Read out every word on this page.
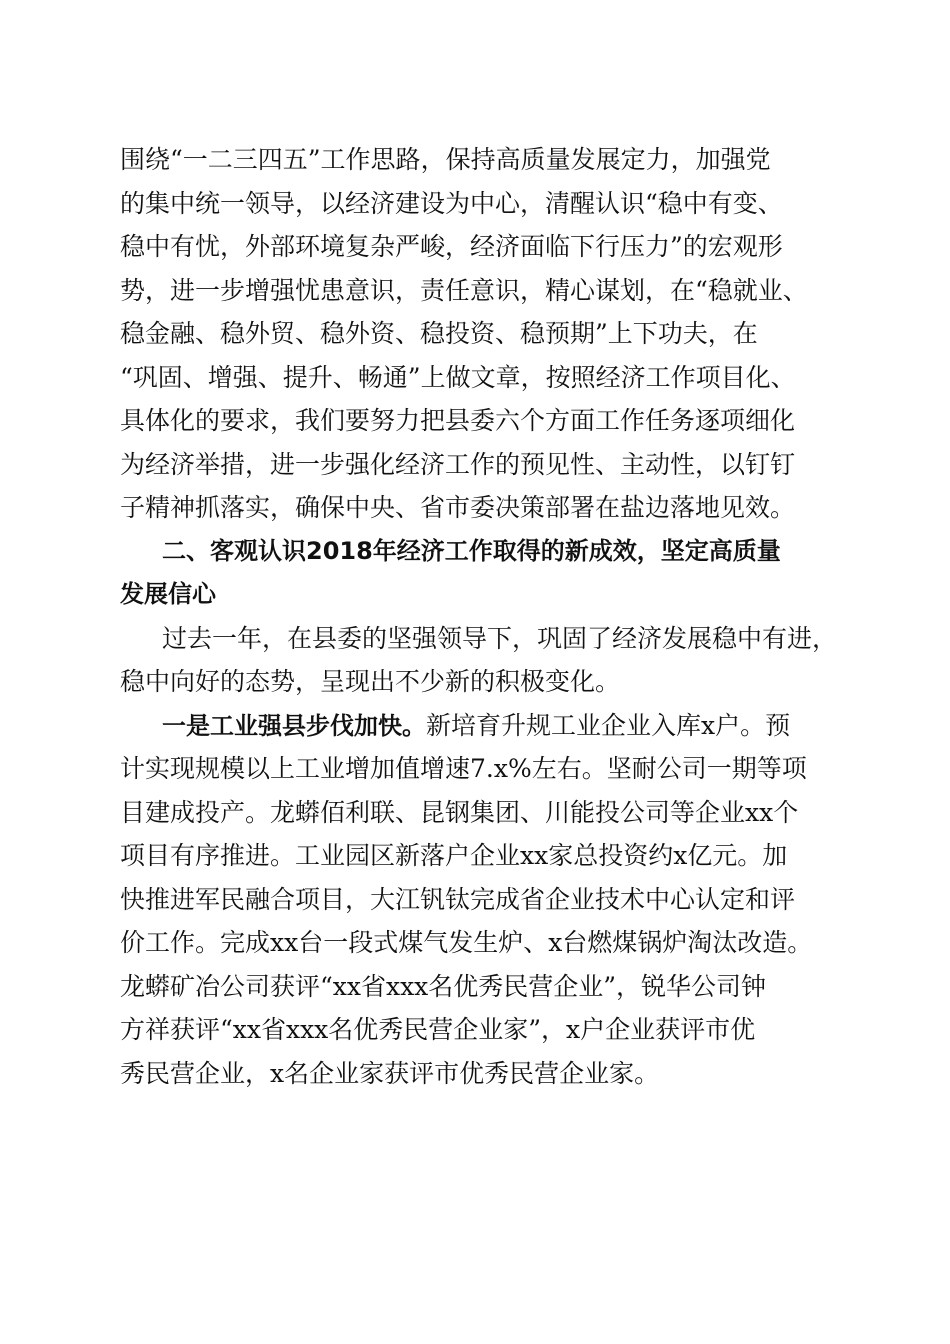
围绕“一二三四五”工作思路，保持高质量发展定力，加强党
的集中统一领导，以经济建设为中心，清醒认识“稳中有变、
稳中有忧，外部环境复杂严峻，经济面临下行压力”的宏观形
势，进一步增强忧患意识，责任意识，精心谋划，在“稳就业、
稳金融、稳外贸、稳外资、稳投资、稳预期”上下功夫，在
“巩固、增强、提升、畅通”上做文章，按照经济工作项目化、
具体化的要求，我们要努力把县委六个方面工作任务逐项细化
为经济举措，进一步强化经济工作的预见性、主动性，以钉钉
子精神抓落实，确保中央、省市委决策部署在盐边落地见效。
二、客观认识2018年经济工作取得的新成效，坚定高质量
发展信心
过去一年，在县委的坚强领导下，巩固了经济发展稳中有进，
稳中向好的态势，呈现出不少新的积极变化。
一是工业强县步伐加快。新培育升规工业企业入库x户。预
计实现规模以上工业增加值增速7.x%左右。坚耐公司一期等项
目建成投产。龙蟒佰利联、昆钢集团、川能投公司等企业xx个
项目有序推进。工业园区新落户企业xx家总投资约x亿元。加
快推进军民融合项目，大江钒钛完成省企业技术中心认定和评
价工作。完成xx台一段式煤气发生炉、x台燃煤锅炉淘汰改造。
龙蟒矿冶公司获评“xx省xxx名优秀民营企业”，锐华公司钟
方祥获评“xx省xxx名优秀民营企业家”，x户企业获评市优
秀民营企业，x名企业家获评市优秀民营企业家。
